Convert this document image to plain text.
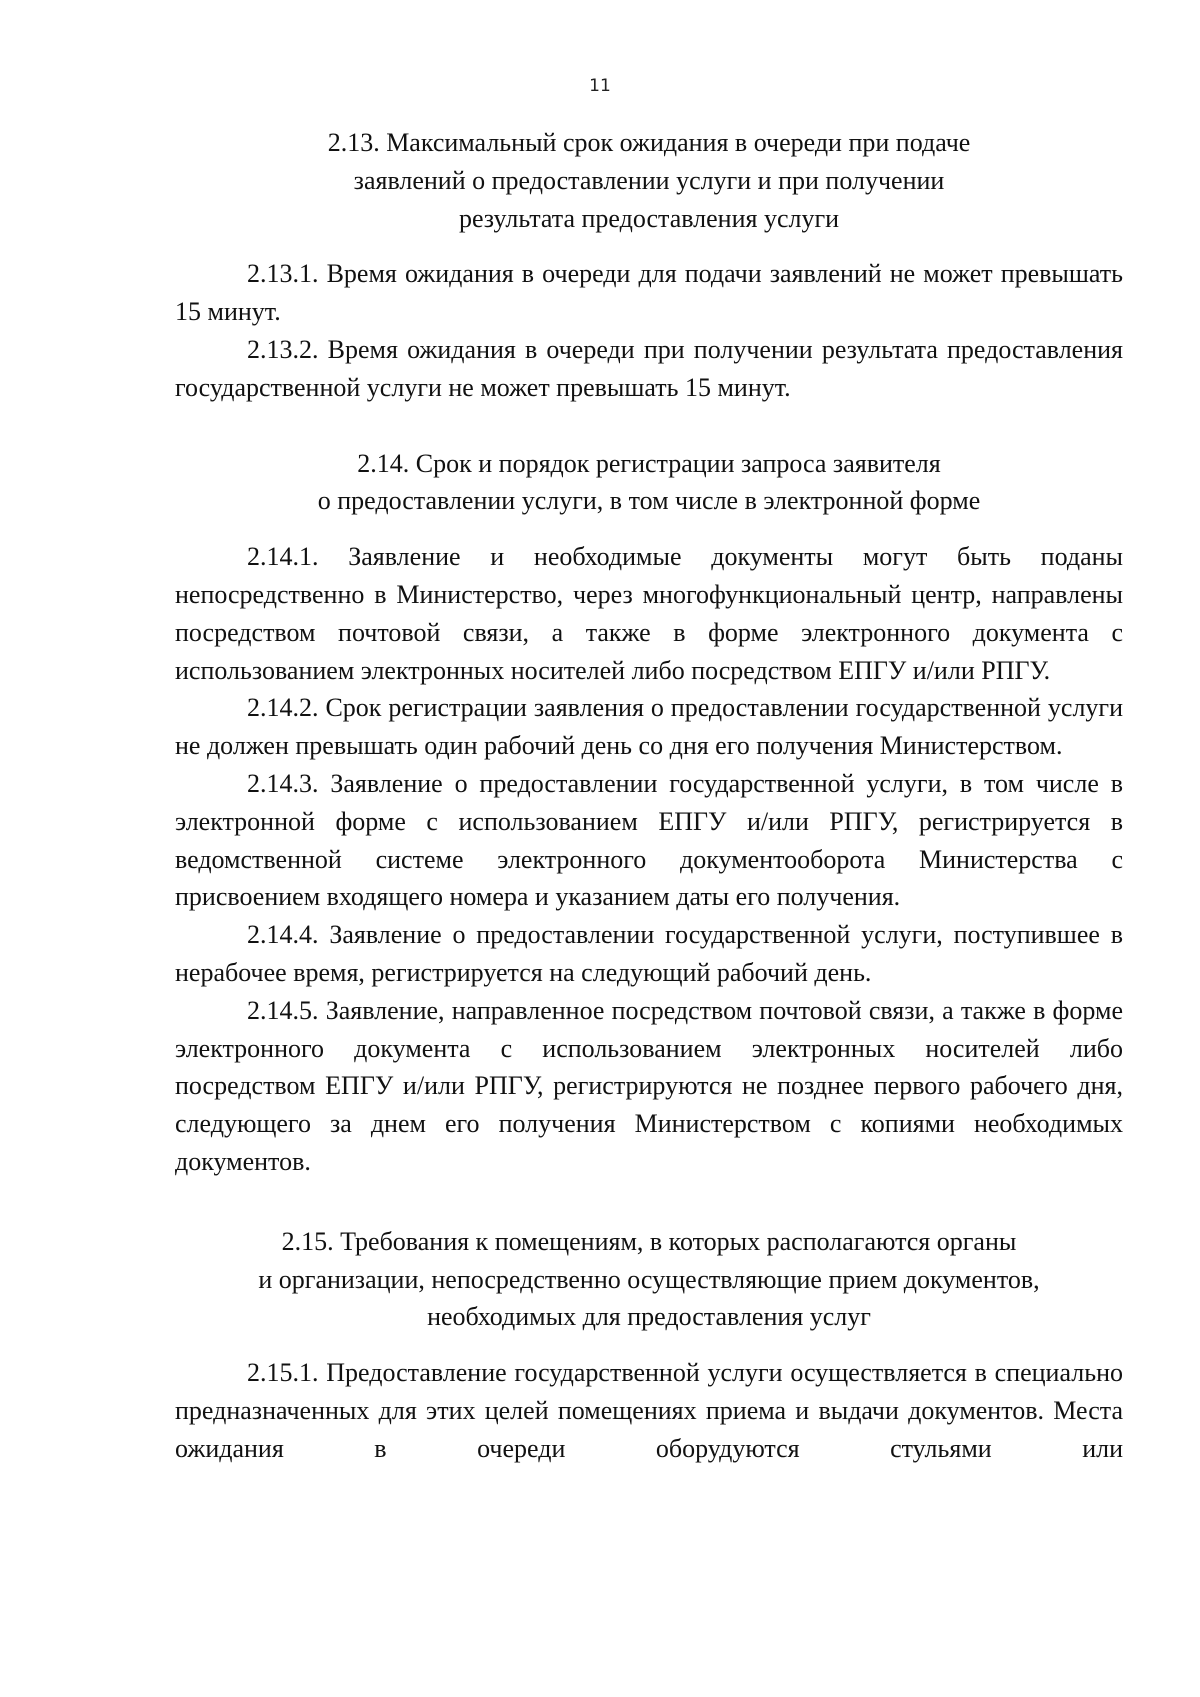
11
2.13. Максимальный срок ожидания в очереди при подаче
заявлений о предоставлении услуги и при получении
результата предоставления услуги

2.13.1. Время ожидания в очереди для подачи заявлений не может превышать 15 минут.

2.13.2. Время ожидания в очереди при получении результата предоставления государственной услуги не может превышать 15 минут.

2.14. Срок и порядок регистрации запроса заявителя
о предоставлении услуги, в том числе в электронной форме

2.14.1. Заявление и необходимые документы могут быть поданы непосредственно в Министерство, через многофункциональный центр, направлены посредством почтовой связи, а также в форме электронного документа с использованием электронных носителей либо посредством ЕПГУ и/или РПГУ.

2.14.2. Срок регистрации заявления о предоставлении государственной услуги не должен превышать один рабочий день со дня его получения Министерством.

2.14.3. Заявление о предоставлении государственной услуги, в том числе в электронной форме с использованием ЕПГУ и/или РПГУ, регистрируется в ведомственной системе электронного документооборота Министерства с присвоением входящего номера и указанием даты его получения.

2.14.4. Заявление о предоставлении государственной услуги, поступившее в нерабочее время, регистрируется на следующий рабочий день.

2.14.5. Заявление, направленное посредством почтовой связи, а также в форме электронного документа с использованием электронных носителей либо посредством ЕПГУ и/или РПГУ, регистрируются не позднее первого рабочего дня, следующего за днем его получения Министерством с копиями необходимых документов.

2.15. Требования к помещениям, в которых располагаются органы
и организации, непосредственно осуществляющие прием документов,
необходимых для предоставления услуг

2.15.1. Предоставление государственной услуги осуществляется в специально предназначенных для этих целей помещениях приема и выдачи документов. Места ожидания в очереди оборудуются стульями или
